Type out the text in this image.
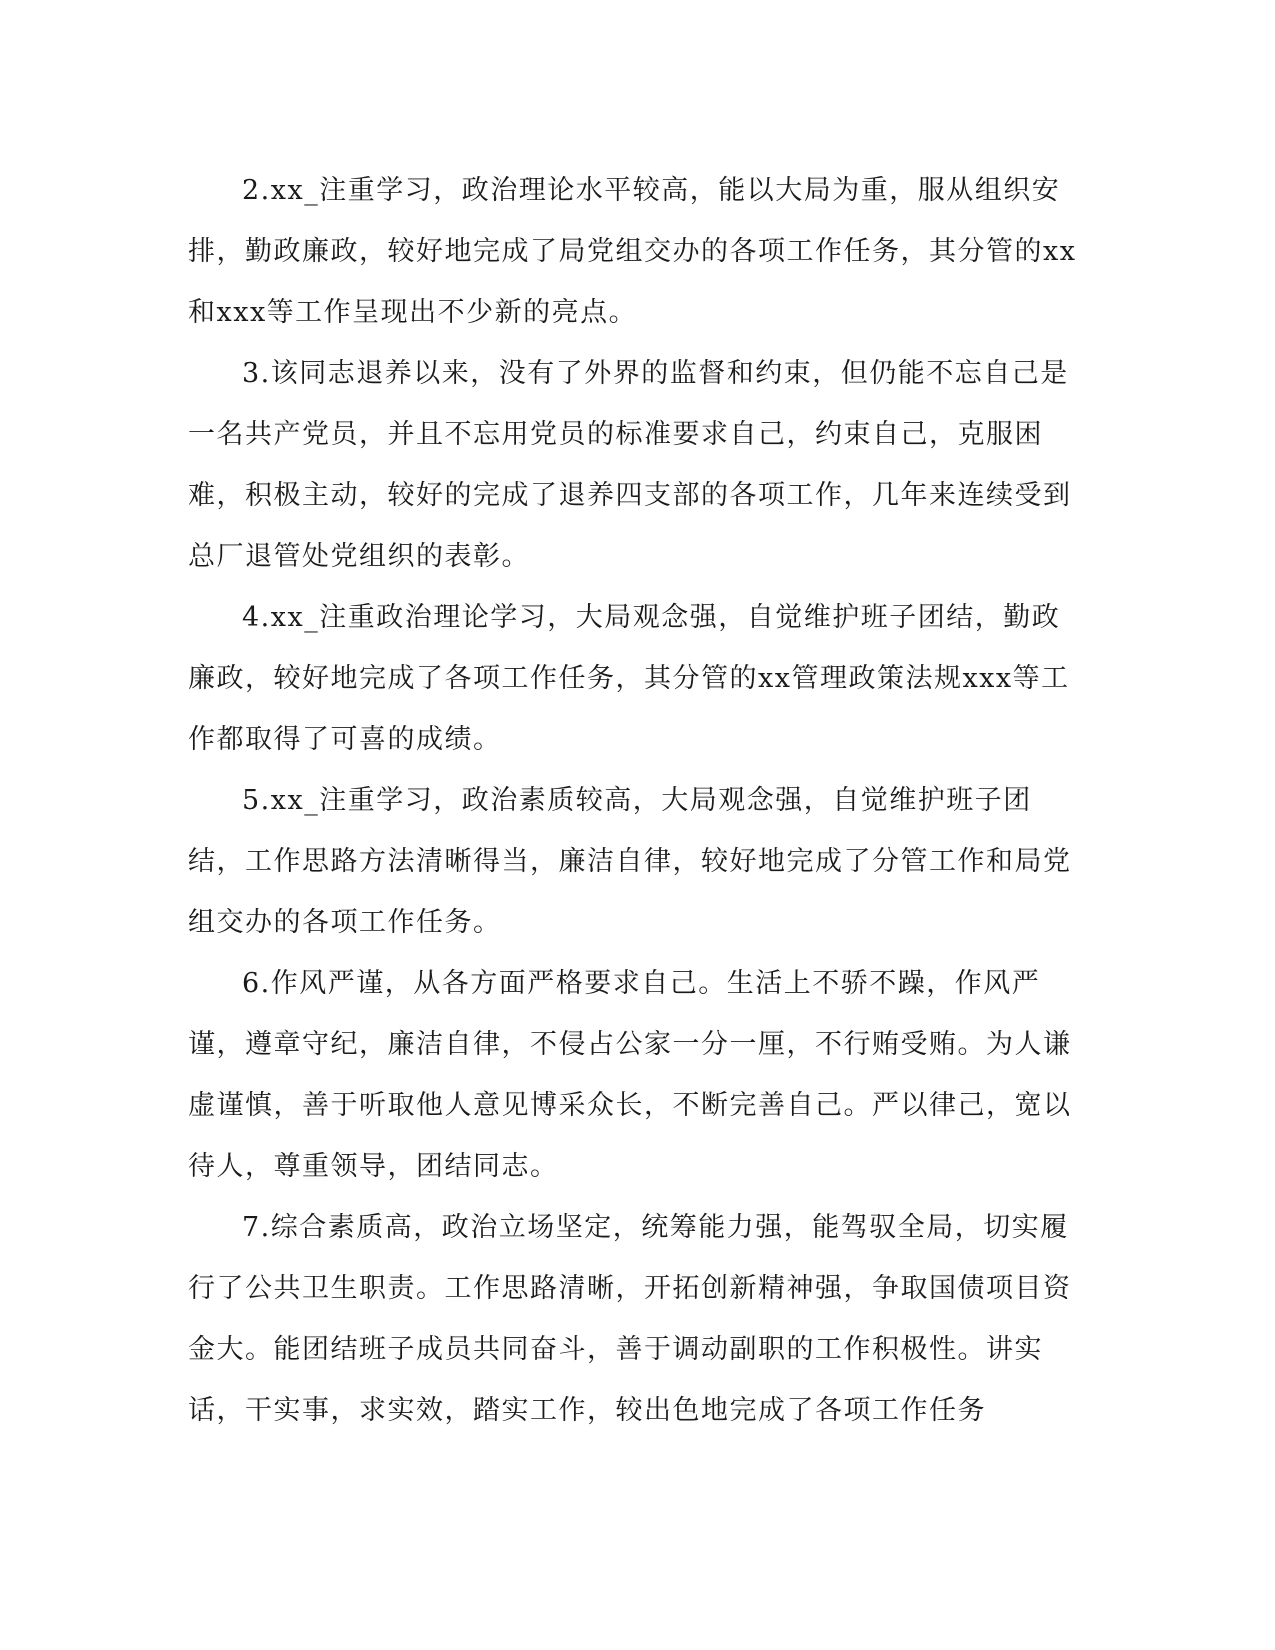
2.xx_注重学习，政治理论水平较高，能以大局为重，服从组织安排，勤政廉政，较好地完成了局党组交办的各项工作任务，其分管的xx和xxx等工作呈现出不少新的亮点。

3.该同志退养以来，没有了外界的监督和约束，但仍能不忘自己是一名共产党员，并且不忘用党员的标准要求自己，约束自己，克服困难，积极主动，较好的完成了退养四支部的各项工作，几年来连续受到总厂退管处党组织的表彰。

4.xx_注重政治理论学习，大局观念强，自觉维护班子团结，勤政廉政，较好地完成了各项工作任务，其分管的xx管理政策法规xxx等工作都取得了可喜的成绩。

5.xx_注重学习，政治素质较高，大局观念强，自觉维护班子团结，工作思路方法清晰得当，廉洁自律，较好地完成了分管工作和局党组交办的各项工作任务。

6.作风严谨，从各方面严格要求自己。生活上不骄不躁，作风严谨，遵章守纪，廉洁自律，不侵占公家一分一厘，不行贿受贿。为人谦虚谨慎，善于听取他人意见博采众长，不断完善自己。严以律己，宽以待人，尊重领导，团结同志。

7.综合素质高，政治立场坚定，统筹能力强，能驾驭全局，切实履行了公共卫生职责。工作思路清晰，开拓创新精神强，争取国债项目资金大。能团结班子成员共同奋斗，善于调动副职的工作积极性。讲实话，干实事，求实效，踏实工作，较出色地完成了各项工作任务
